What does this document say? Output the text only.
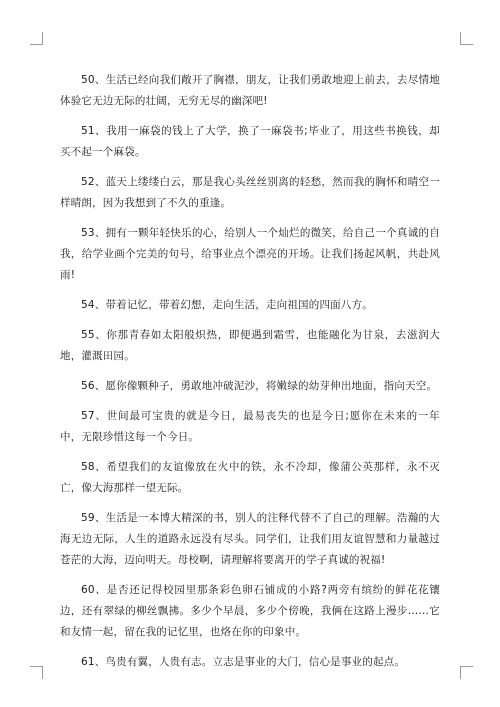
50、生活已经向我们敞开了胸襟，朋友，让我们勇敢地迎上前去，去尽情地体验它无边无际的壮阔，无穷无尽的幽深吧!

51、我用一麻袋的钱上了大学，换了一麻袋书;毕业了，用这些书换钱，却买不起一个麻袋。

52、蓝天上缕缕白云，那是我心头丝丝别离的轻愁，然而我的胸怀和晴空一样晴朗，因为我想到了不久的重逢。

53、拥有一颗年轻快乐的心，给别人一个灿烂的微笑，给自己一个真诚的自我，给学业画个完美的句号，给事业点个漂亮的开场。让我们扬起风帆，共赴风雨!

54、带着记忆，带着幻想，走向生活，走向祖国的四面八方。

55、你那青春如太阳般炽热，即便遇到霜雪，也能融化为甘泉，去滋润大地，灌溉田园。

56、愿你像颗种子，勇敢地冲破泥沙，将嫩绿的幼芽伸出地面，指向天空。

57、世间最可宝贵的就是今日，最易丧失的也是今日;愿你在未来的一年中，无限珍惜这每一个今日。

58、希望我们的友谊像放在火中的铁，永不冷却，像蒲公英那样，永不灭亡，像大海那样一望无际。

59、生活是一本博大精深的书，别人的注释代替不了自己的理解。浩瀚的大海无边无际，人生的道路永远没有尽头。同学们，让我们用友谊智慧和力量越过苍茫的大海，迈向明天。母校啊，请理解将要离开的学子真诚的祝福!

60、是否还记得校园里那条彩色卵石铺成的小路?两旁有缤纷的鲜花花镶边，还有翠绿的柳丝飘拂。多少个早晨，多少个傍晚，我俩在这路上漫步……它和友情一起，留在我的记忆里，也烙在你的印象中。

61、鸟贵有翼，人贵有志。立志是事业的大门，信心是事业的起点。
